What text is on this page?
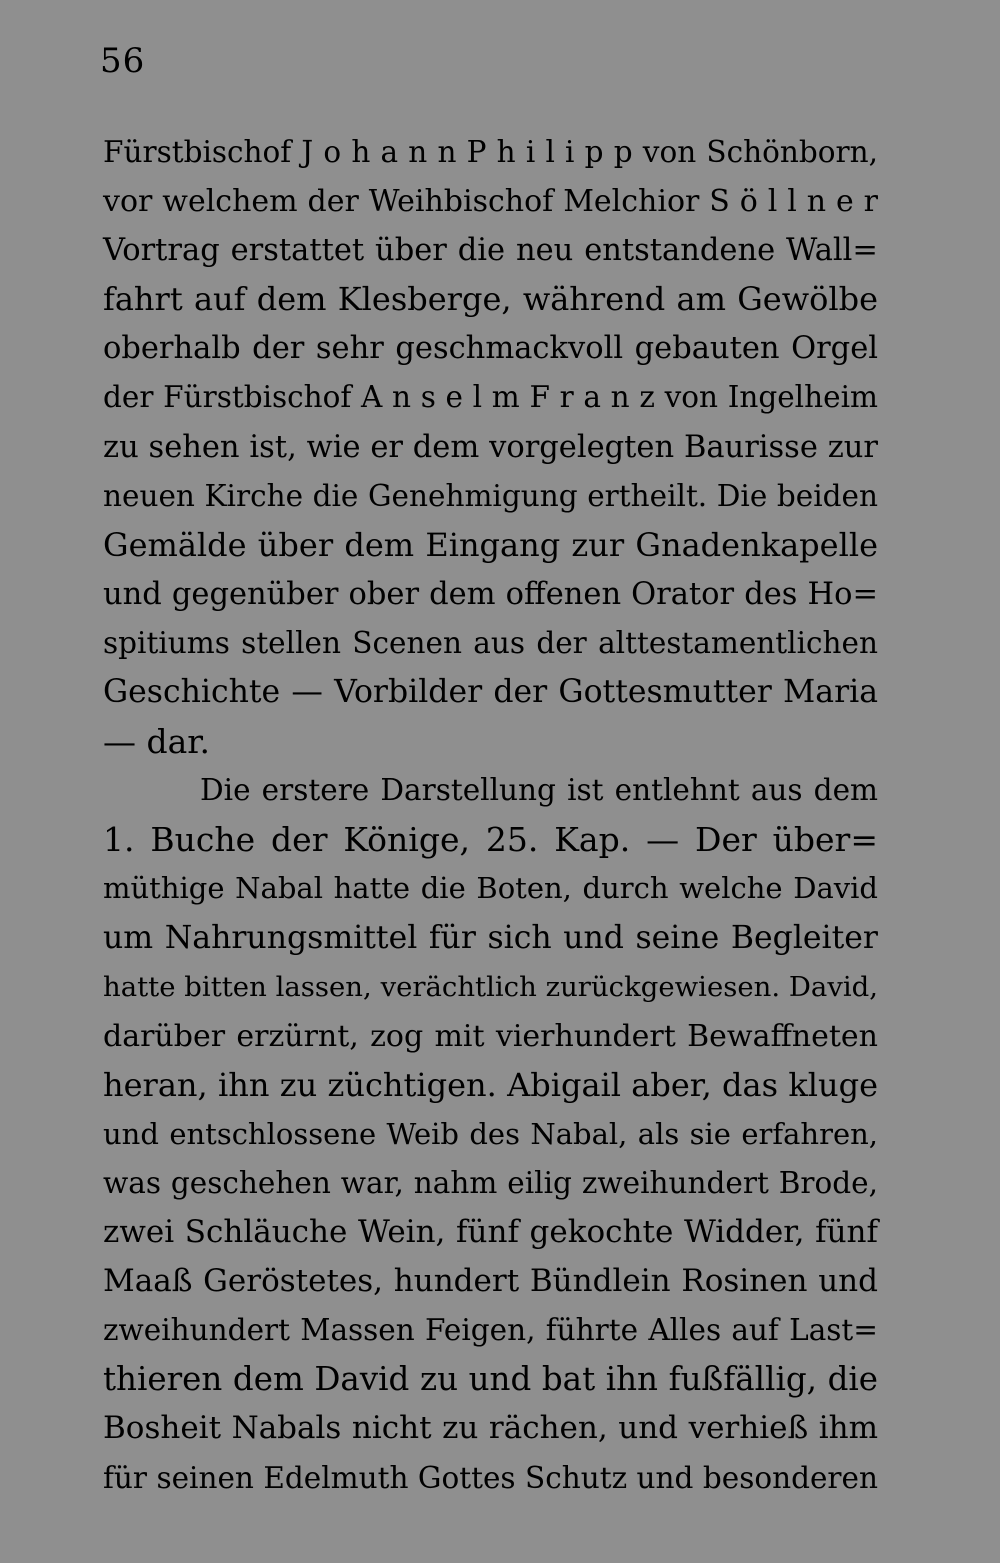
56
Fürstbischof J o h a n n P h i l i p p von Schönborn,
vor welchem der Weihbischof Melchior S ö l l n e r
Vortrag erstattet über die neu entstandene Wall=
fahrt auf dem Klesberge, während am Gewölbe
oberhalb der sehr geschmackvoll gebauten Orgel
der Fürstbischof A n s e l m F r a n z von Ingelheim
zu sehen ist, wie er dem vorgelegten Baurisse zur
neuen Kirche die Genehmigung ertheilt. Die beiden
Gemälde über dem Eingang zur Gnadenkapelle
und gegenüber ober dem offenen Orator des Ho=
spitiums stellen Scenen aus der alttestamentlichen
Geschichte — Vorbilder der Gottesmutter Maria
— dar.
Die erstere Darstellung ist entlehnt aus dem
1. Buche der Könige, 25. Kap. — Der über=
müthige Nabal hatte die Boten, durch welche David
um Nahrungsmittel für sich und seine Begleiter
hatte bitten lassen, verächtlich zurückgewiesen. David,
darüber erzürnt, zog mit vierhundert Bewaffneten
heran, ihn zu züchtigen. Abigail aber, das kluge
und entschlossene Weib des Nabal, als sie erfahren,
was geschehen war, nahm eilig zweihundert Brode,
zwei Schläuche Wein, fünf gekochte Widder, fünf
Maaß Geröstetes, hundert Bündlein Rosinen und
zweihundert Massen Feigen, führte Alles auf Last=
thieren dem David zu und bat ihn fußfällig, die
Bosheit Nabals nicht zu rächen, und verhieß ihm
für seinen Edelmuth Gottes Schutz und besonderen
